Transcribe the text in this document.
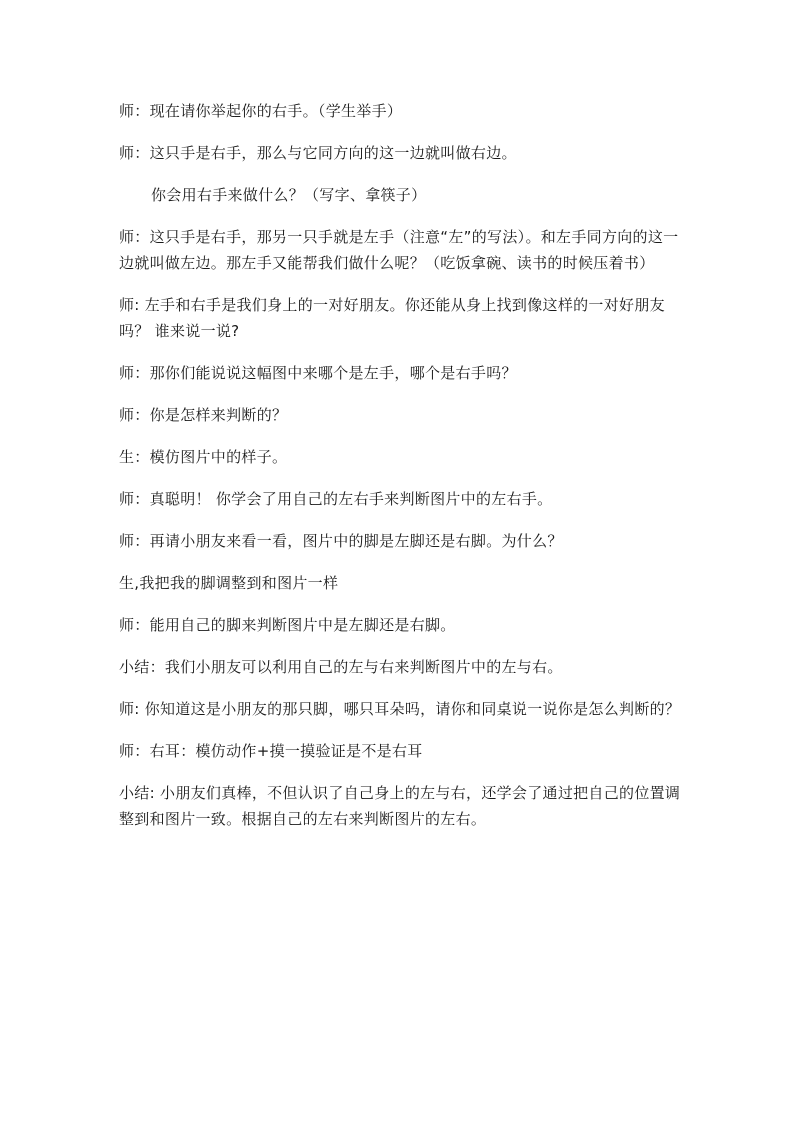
师：现在请你举起你的右手。（学生举手）

师：这只手是右手，那么与它同方向的这一边就叫做右边。

你会用右手来做什么？（写字、拿筷子）

师：这只手是右手，那另一只手就是左手（注意“左”的写法）。和左手同方向的这一边就叫做左边。那左手又能帮我们做什么呢？（吃饭拿碗、读书的时候压着书）

师: 左手和右手是我们身上的一对好朋友。你还能从身上找到像这样的一对好朋友吗？ 谁来说一说?

师：那你们能说说这幅图中来哪个是左手，哪个是右手吗？

师：你是怎样来判断的？

生：模仿图片中的样子。

师：真聪明！ 你学会了用自己的左右手来判断图片中的左右手。

师：再请小朋友来看一看，图片中的脚是左脚还是右脚。为什么？

生,我把我的脚调整到和图片一样

师：能用自己的脚来判断图片中是左脚还是右脚。

小结：我们小朋友可以利用自己的左与右来判断图片中的左与右。

师: 你知道这是小朋友的那只脚，哪只耳朵吗，请你和同桌说一说你是怎么判断的？

师：右耳：模仿动作+摸一摸验证是不是右耳

小结: 小朋友们真棒，不但认识了自己身上的左与右，还学会了通过把自己的位置调整到和图片一致。根据自己的左右来判断图片的左右。
